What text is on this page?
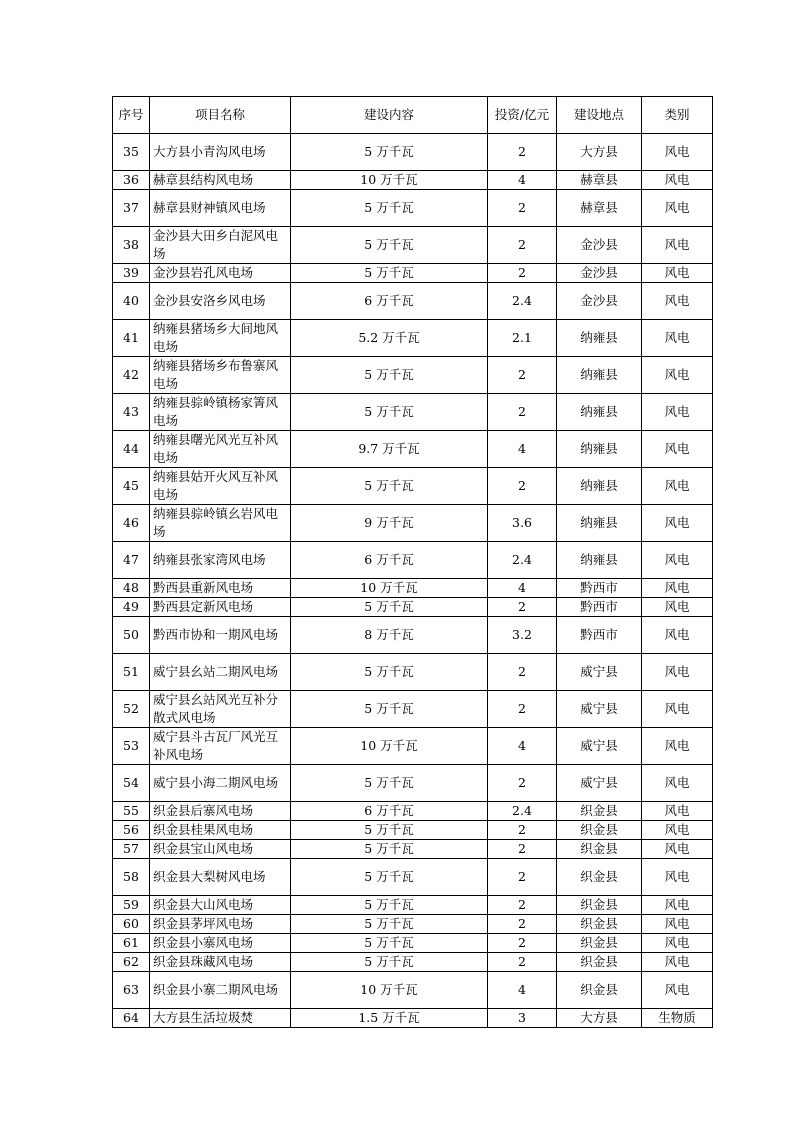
序号	项目名称	建设内容	投资/亿元	建设地点	类别
35	大方县小青沟风电场	5 万千瓦	2	大方县	风电
36	赫章县结构风电场	10 万千瓦	4	赫章县	风电
37	赫章县财神镇风电场	5 万千瓦	2	赫章县	风电
38	金沙县大田乡白泥风电场	5 万千瓦	2	金沙县	风电
39	金沙县岩孔风电场	5 万千瓦	2	金沙县	风电
40	金沙县安洛乡风电场	6 万千瓦	2.4	金沙县	风电
41	纳雍县猪场乡大间地风电场	5.2 万千瓦	2.1	纳雍县	风电
42	纳雍县猪场乡布鲁寨风电场	5 万千瓦	2	纳雍县	风电
43	纳雍县骔岭镇杨家箐风电场	5 万千瓦	2	纳雍县	风电
44	纳雍县曙光风光互补风电场	9.7 万千瓦	4	纳雍县	风电
45	纳雍县姑开火风互补风电场	5 万千瓦	2	纳雍县	风电
46	纳雍县骔岭镇幺岩风电场	9 万千瓦	3.6	纳雍县	风电
47	纳雍县张家湾风电场	6 万千瓦	2.4	纳雍县	风电
48	黔西县重新风电场	10 万千瓦	4	黔西市	风电
49	黔西县定新风电场	5 万千瓦	2	黔西市	风电
50	黔西市协和一期风电场	8 万千瓦	3.2	黔西市	风电
51	威宁县幺站二期风电场	5 万千瓦	2	威宁县	风电
52	威宁县幺站风光互补分散式风电场	5 万千瓦	2	威宁县	风电
53	威宁县斗古瓦厂风光互补风电场	10 万千瓦	4	威宁县	风电
54	威宁县小海二期风电场	5 万千瓦	2	威宁县	风电
55	织金县后寨风电场	6 万千瓦	2.4	织金县	风电
56	织金县桂果风电场	5 万千瓦	2	织金县	风电
57	织金县宝山风电场	5 万千瓦	2	织金县	风电
58	织金县大梨树风电场	5 万千瓦	2	织金县	风电
59	织金县大山风电场	5 万千瓦	2	织金县	风电
60	织金县茅坪风电场	5 万千瓦	2	织金县	风电
61	织金县小寨风电场	5 万千瓦	2	织金县	风电
62	织金县珠藏风电场	5 万千瓦	2	织金县	风电
63	织金县小寨二期风电场	10 万千瓦	4	织金县	风电
64	大方县生活垃圾焚	1.5 万千瓦	3	大方县	生物质
